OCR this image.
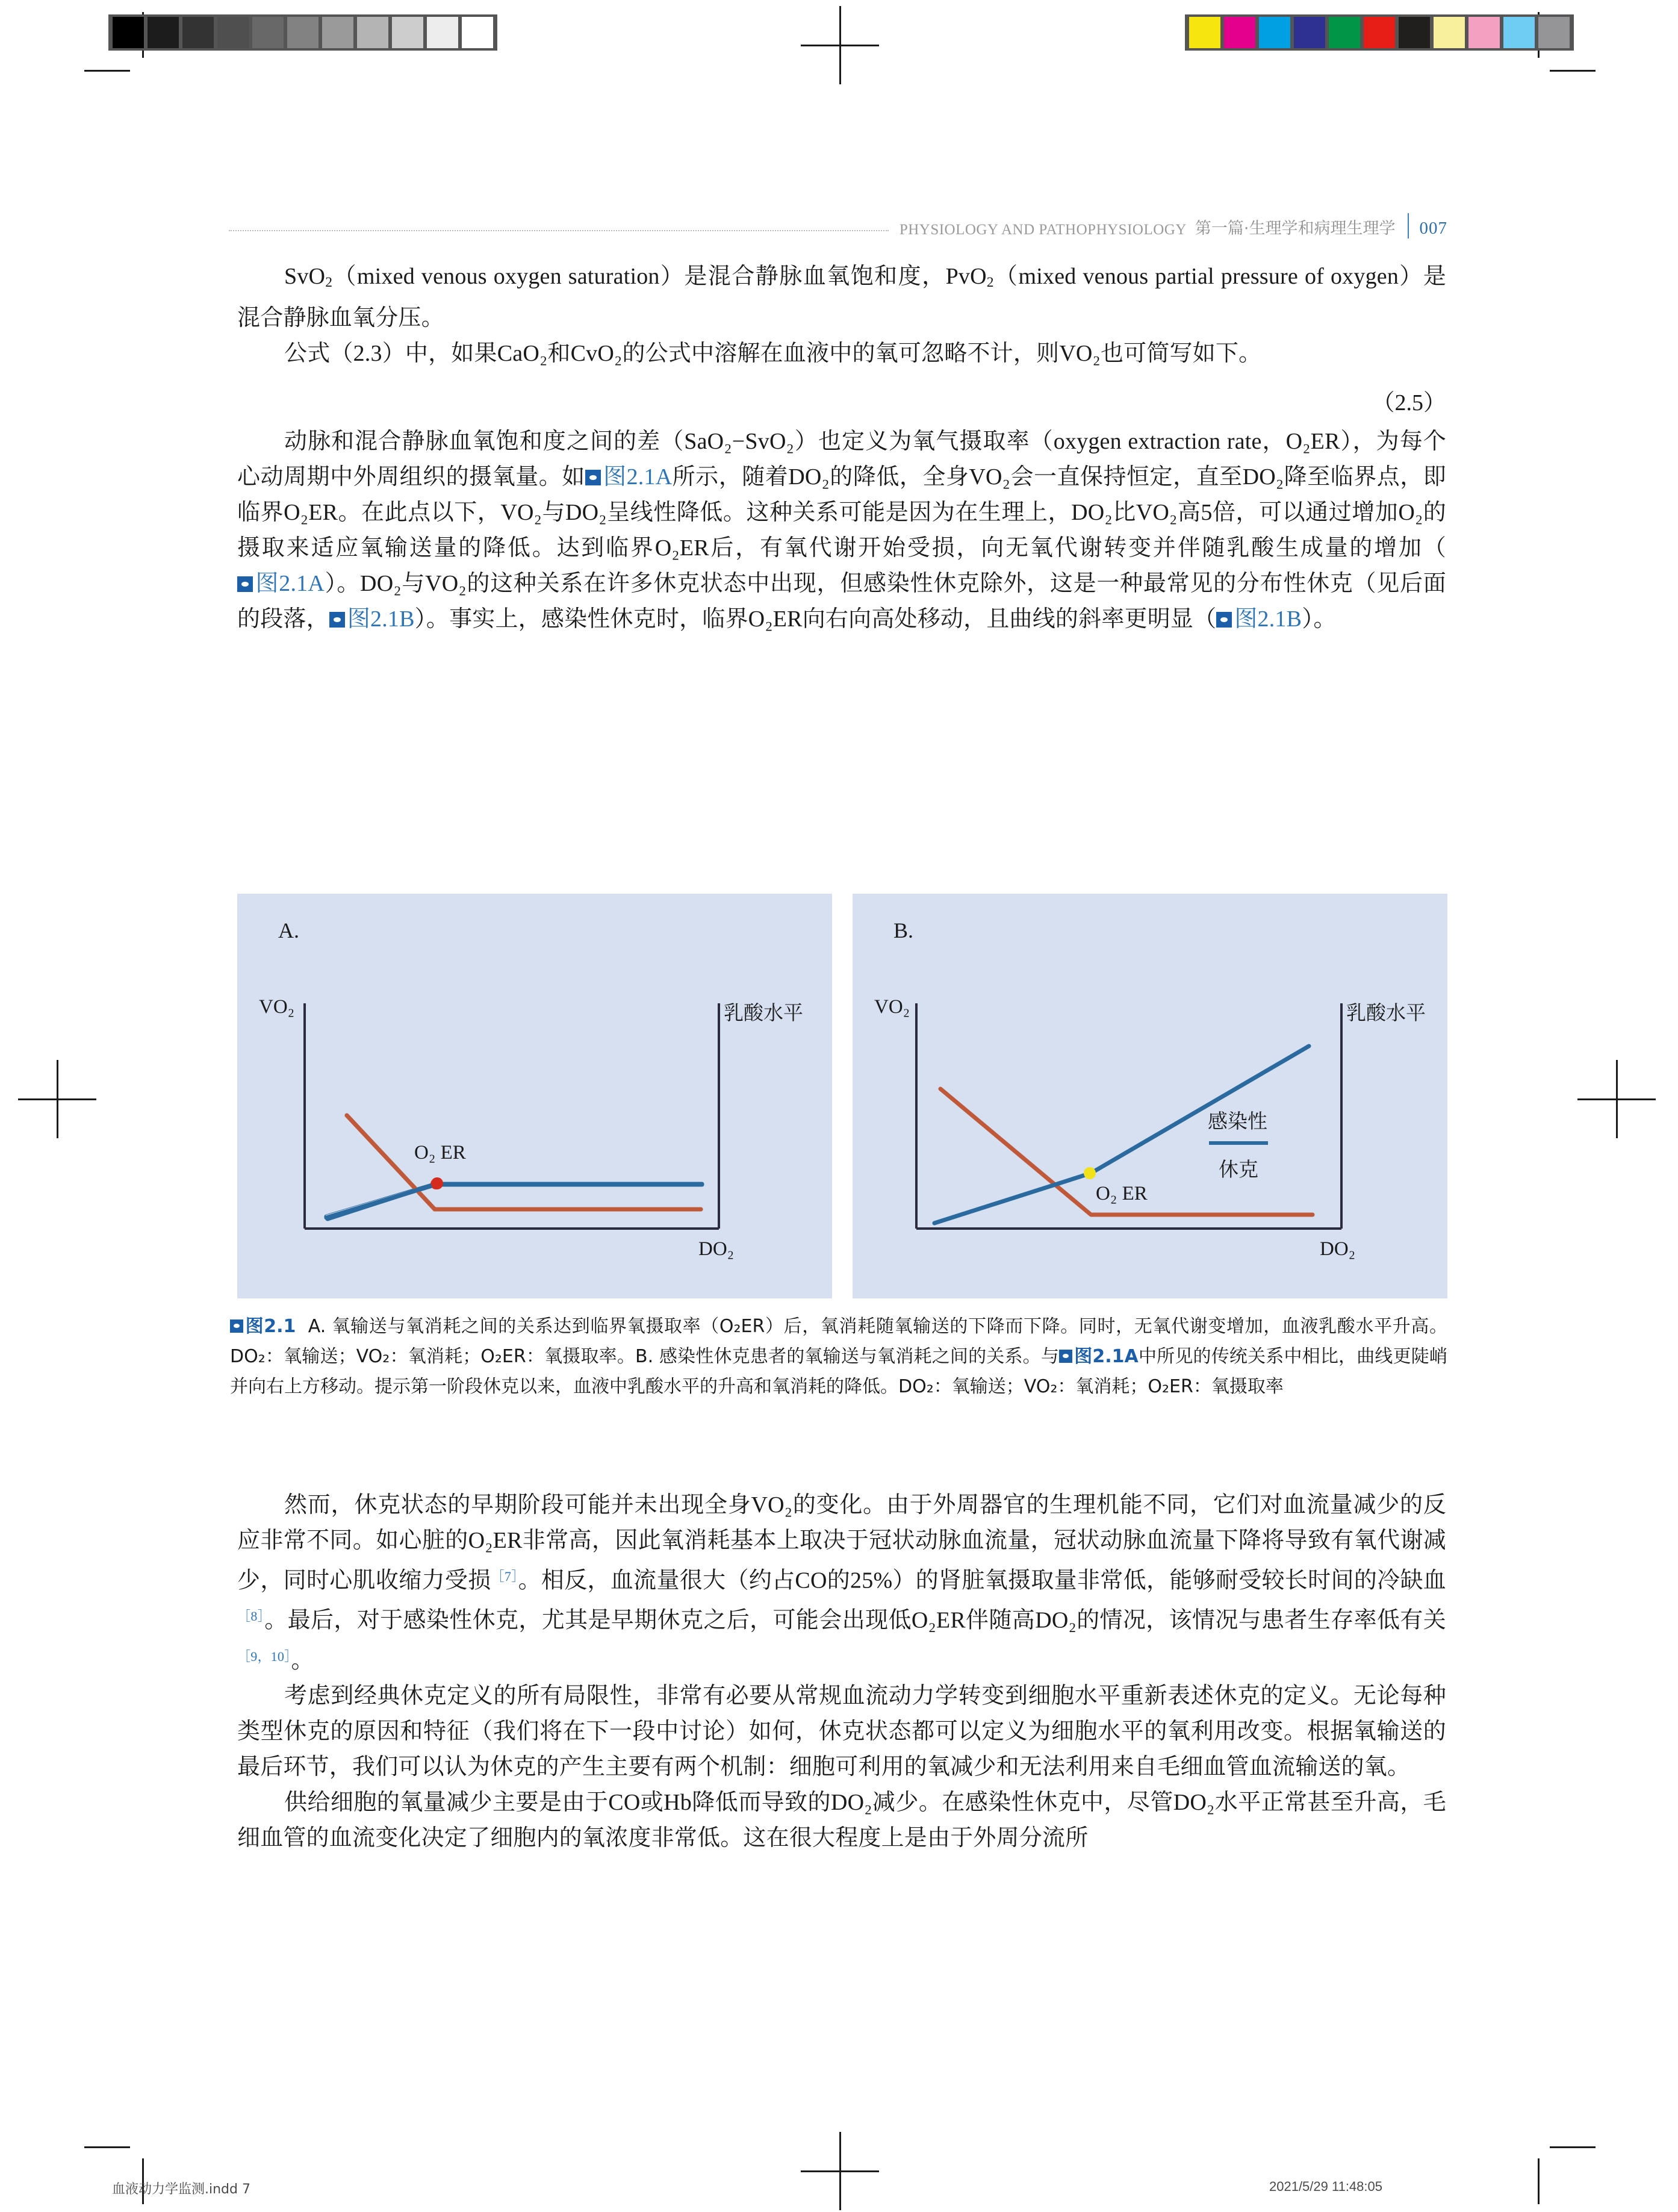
PHYSIOLOGY AND PATHOPHYSIOLOGY 第一篇·生理学和病理生理学 007

SvO$_2$（mixed venous oxygen saturation）是混合静脉血氧饱和度，PvO$_2$（mixed venous partial pressure of oxygen）是混合静脉血氧分压。

公式（2.3）中，如果CaO₂和CvO₂的公式中溶解在血液中的氧可忽略不计，则VO₂也可简写如下。

（2.5）

动脉和混合静脉血氧饱和度之间的差（SaO₂−SvO₂）也定义为氧气摄取率（oxygen extraction rate，O₂ER），为每个心动周期中外周组织的摄氧量。如 图2.1A所示，随着DO₂的降低，全身VO₂会一直保持恒定，直至DO₂降至临界点，即临界O₂ER。在此点以下，VO₂与DO₂呈线性降低。这种关系可能是因为在生理上，DO₂比VO₂高5倍，可以通过增加O₂的摄取来适应氧输送量的降低。达到临界O₂ER后，有氧代谢开始受损，向无氧代谢转变并伴随乳酸生成量的增加（图2.1A）。DO₂与VO₂的这种关系在许多休克状态中出现，但感染性休克除外，这是一种最常见的分布性休克（见后面的段落， 图2.1B）。事实上，感染性休克时，临界O₂ER向右向高处移动，且曲线的斜率更明显（ 图2.1B）。

A.
VO₂	乳酸水平
DO₂
O₂ ER
B.
VO₂	乳酸水平
DO₂
O₂ ER
感染性
休克
图2.1 A. 氧输送与氧消耗之间的关系达到临界氧摄取率（O₂ER）后，氧消耗随氧输送的下降而下降。同时，无氧代谢变增加，血液乳酸水平升高。DO₂：氧输送；VO₂：氧消耗；O₂ER：氧摄取率。B. 感染性休克患者的氧输送与氧消耗之间的关系。与 图2.1A中所见的传统关系中相比，曲线更陡峭并向右上方移动。提示第一阶段休克以来，血液中乳酸水平的升高和氧消耗的降低。DO₂：氧输送；VO₂：氧消耗；O₂ER：氧摄取率

然而，休克状态的早期阶段可能并未出现全身VO₂的变化。由于外周器官的生理机能不同，它们对血流量减少的反应非常不同。如心脏的O₂ER非常高，因此氧消耗基本上取决于冠状动脉血流量，冠状动脉血流量下降将导致有氧代谢减少，同时心肌收缩力受损$^{[7]}$。相反，血流量很大（约占CO的25%）的肾脏氧摄取量非常低，能够耐受较长时间的冷缺血$^{[8]}$。最后，对于感染性休克，尤其是早期休克之后，可能会出现低O₂ER伴随高DO₂的情况，该情况与患者生存率低有关$^{[9,10]}$。

考虑到经典休克定义的所有局限性，非常有必要从常规血流动力学转变到细胞水平重新表述休克的定义。无论每种类型休克的原因和特征（我们将在下一段中讨论）如何，休克状态都可以定义为细胞水平的氧利用改变。根据氧输送的最后环节，我们可以认为休克的产生主要有两个机制：细胞可利用的氧减少和无法利用来自毛细血管血流输送的氧。

供给细胞的氧量减少主要是由于CO或Hb降低而导致的DO₂减少。在感染性休克中，尽管DO₂水平正常甚至升高，毛细血管的血流变化决定了细胞内的氧浓度非常低。这在很大程度上是由于外周分流所

血液动力学监测.indd 7	2021/5/29 11:48:05
